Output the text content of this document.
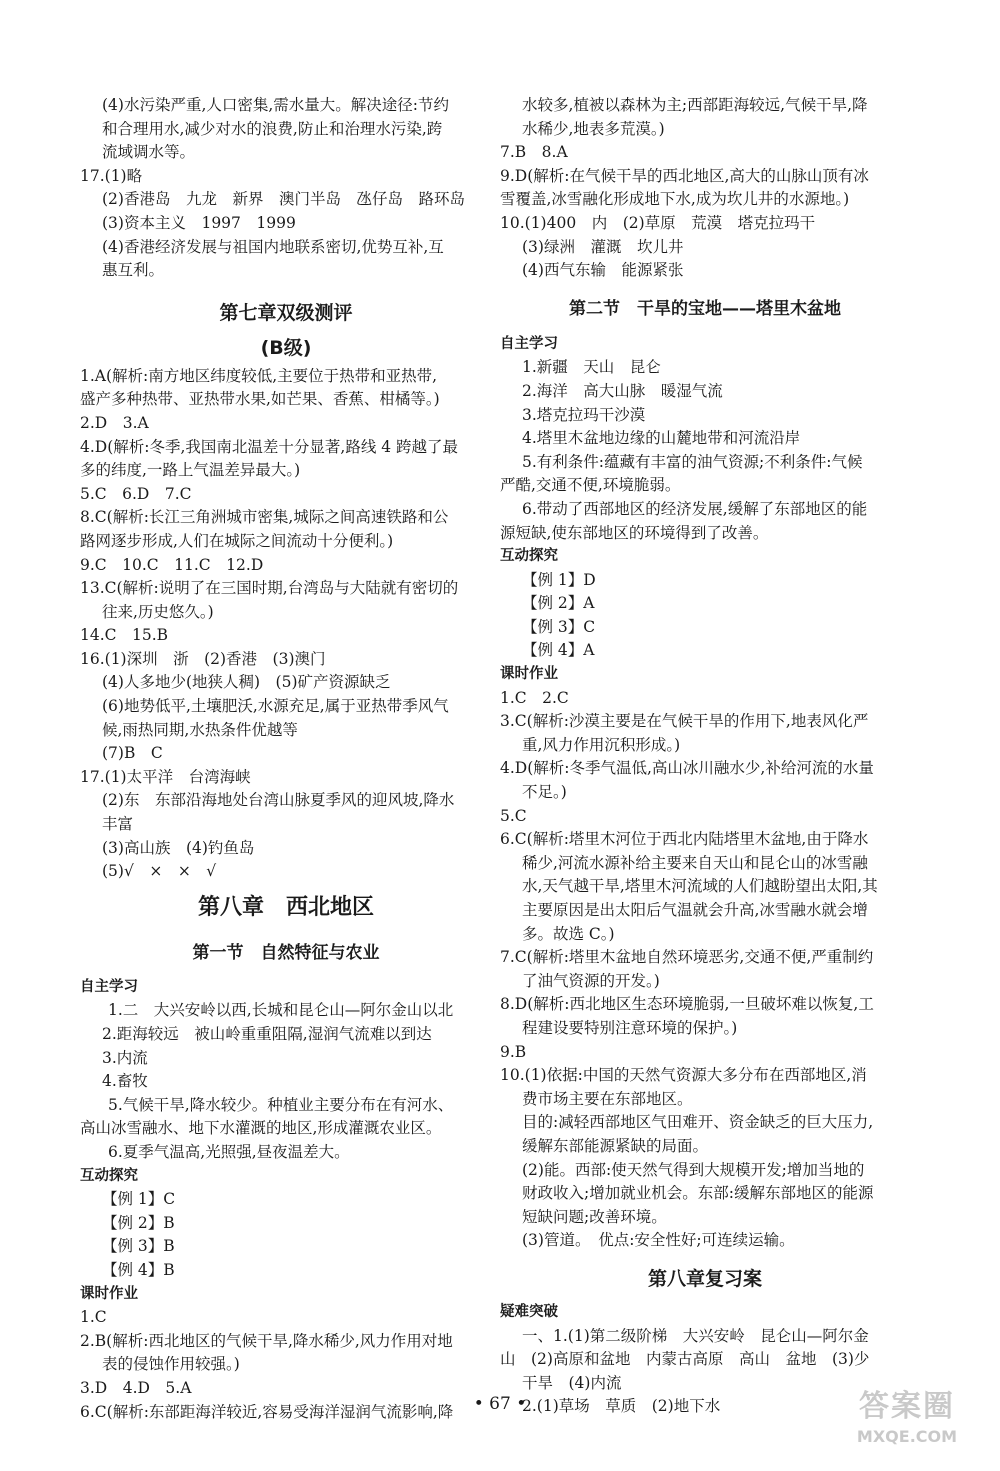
(4)水污染严重,人口密集,需水量大。解决途径:节约
和合理用水,减少对水的浪费,防止和治理水污染,跨
流域调水等。
17.(1)略
(2)香港岛　九龙　新界　澳门半岛　氹仔岛　路环岛
(3)资本主义　1997　1999
(4)香港经济发展与祖国内地联系密切,优势互补,互
惠互利。
第七章双级测评
(B级)
1.A(解析:南方地区纬度较低,主要位于热带和亚热带,
盛产多种热带、亚热带水果,如芒果、香蕉、柑橘等。)
2.D　3.A
4.D(解析:冬季,我国南北温差十分显著,路线 4 跨越了最
多的纬度,一路上气温差异最大。)
5.C　6.D　7.C
8.C(解析:长江三角洲城市密集,城际之间高速铁路和公
路网逐步形成,人们在城际之间流动十分便利。)
9.C　10.C　11.C　12.D
13.C(解析:说明了在三国时期,台湾岛与大陆就有密切的
往来,历史悠久。)
14.C　15.B
16.(1)深圳　浙　(2)香港　(3)澳门
(4)人多地少(地狭人稠)　(5)矿产资源缺乏
(6)地势低平,土壤肥沃,水源充足,属于亚热带季风气
候,雨热同期,水热条件优越等
(7)B　C
17.(1)太平洋　台湾海峡
(2)东　东部沿海地处台湾山脉夏季风的迎风坡,降水
丰富
(3)高山族　(4)钓鱼岛
(5)√　×　×　√
第八章　西北地区
第一节　自然特征与农业
自主学习
1.二　大兴安岭以西,长城和昆仑山—阿尔金山以北
2.距海较远　被山岭重重阻隔,湿润气流难以到达
3.内流
4.畜牧
5.气候干旱,降水较少。种植业主要分布在有河水、
高山冰雪融水、地下水灌溉的地区,形成灌溉农业区。
6.夏季气温高,光照强,昼夜温差大。
互动探究
【例 1】C
【例 2】B
【例 3】B
【例 4】B
课时作业
1.C
2.B(解析:西北地区的气候干旱,降水稀少,风力作用对地
表的侵蚀作用较强。)
3.D　4.D　5.A
6.C(解析:东部距海洋较近,容易受海洋湿润气流影响,降
水较多,植被以森林为主;西部距海较远,气候干旱,降
水稀少,地表多荒漠。)
7.B　8.A
9.D(解析:在气候干旱的西北地区,高大的山脉山顶有冰
雪覆盖,冰雪融化形成地下水,成为坎儿井的水源地。)
10.(1)400　内　(2)草原　荒漠　塔克拉玛干
(3)绿洲　灌溉　坎儿井
(4)西气东输　能源紧张
第二节　干旱的宝地——塔里木盆地
自主学习
1.新疆　天山　昆仑
2.海洋　高大山脉　暖湿气流
3.塔克拉玛干沙漠
4.塔里木盆地边缘的山麓地带和河流沿岸
5.有利条件:蕴藏有丰富的油气资源;不利条件:气候
严酷,交通不便,环境脆弱。
6.带动了西部地区的经济发展,缓解了东部地区的能
源短缺,使东部地区的环境得到了改善。
互动探究
【例 1】D
【例 2】A
【例 3】C
【例 4】A
课时作业
1.C　2.C
3.C(解析:沙漠主要是在气候干旱的作用下,地表风化严
重,风力作用沉积形成。)
4.D(解析:冬季气温低,高山冰川融水少,补给河流的水量
不足。)
5.C
6.C(解析:塔里木河位于西北内陆塔里木盆地,由于降水
稀少,河流水源补给主要来自天山和昆仑山的冰雪融
水,天气越干旱,塔里木河流域的人们越盼望出太阳,其
主要原因是出太阳后气温就会升高,冰雪融水就会增
多。故选 C。)
7.C(解析:塔里木盆地自然环境恶劣,交通不便,严重制约
了油气资源的开发。)
8.D(解析:西北地区生态环境脆弱,一旦破坏难以恢复,工
程建设要特别注意环境的保护。)
9.B
10.(1)依据:中国的天然气资源大多分布在西部地区,消
费市场主要在东部地区。
目的:减轻西部地区气田难开、资金缺乏的巨大压力,
缓解东部能源紧缺的局面。
(2)能。西部:使天然气得到大规模开发;增加当地的
财政收入;增加就业机会。东部:缓解东部地区的能源
短缺问题;改善环境。
(3)管道。　优点:安全性好;可连续运输。
第八章复习案
疑难突破
一、1.(1)第二级阶梯　大兴安岭　昆仑山—阿尔金
山　(2)高原和盆地　内蒙古高原　高山　盆地　(3)少
干旱　(4)内流
2.(1)草场　草质　(2)地下水
• 67 •	答案圈
MXQE.COM
